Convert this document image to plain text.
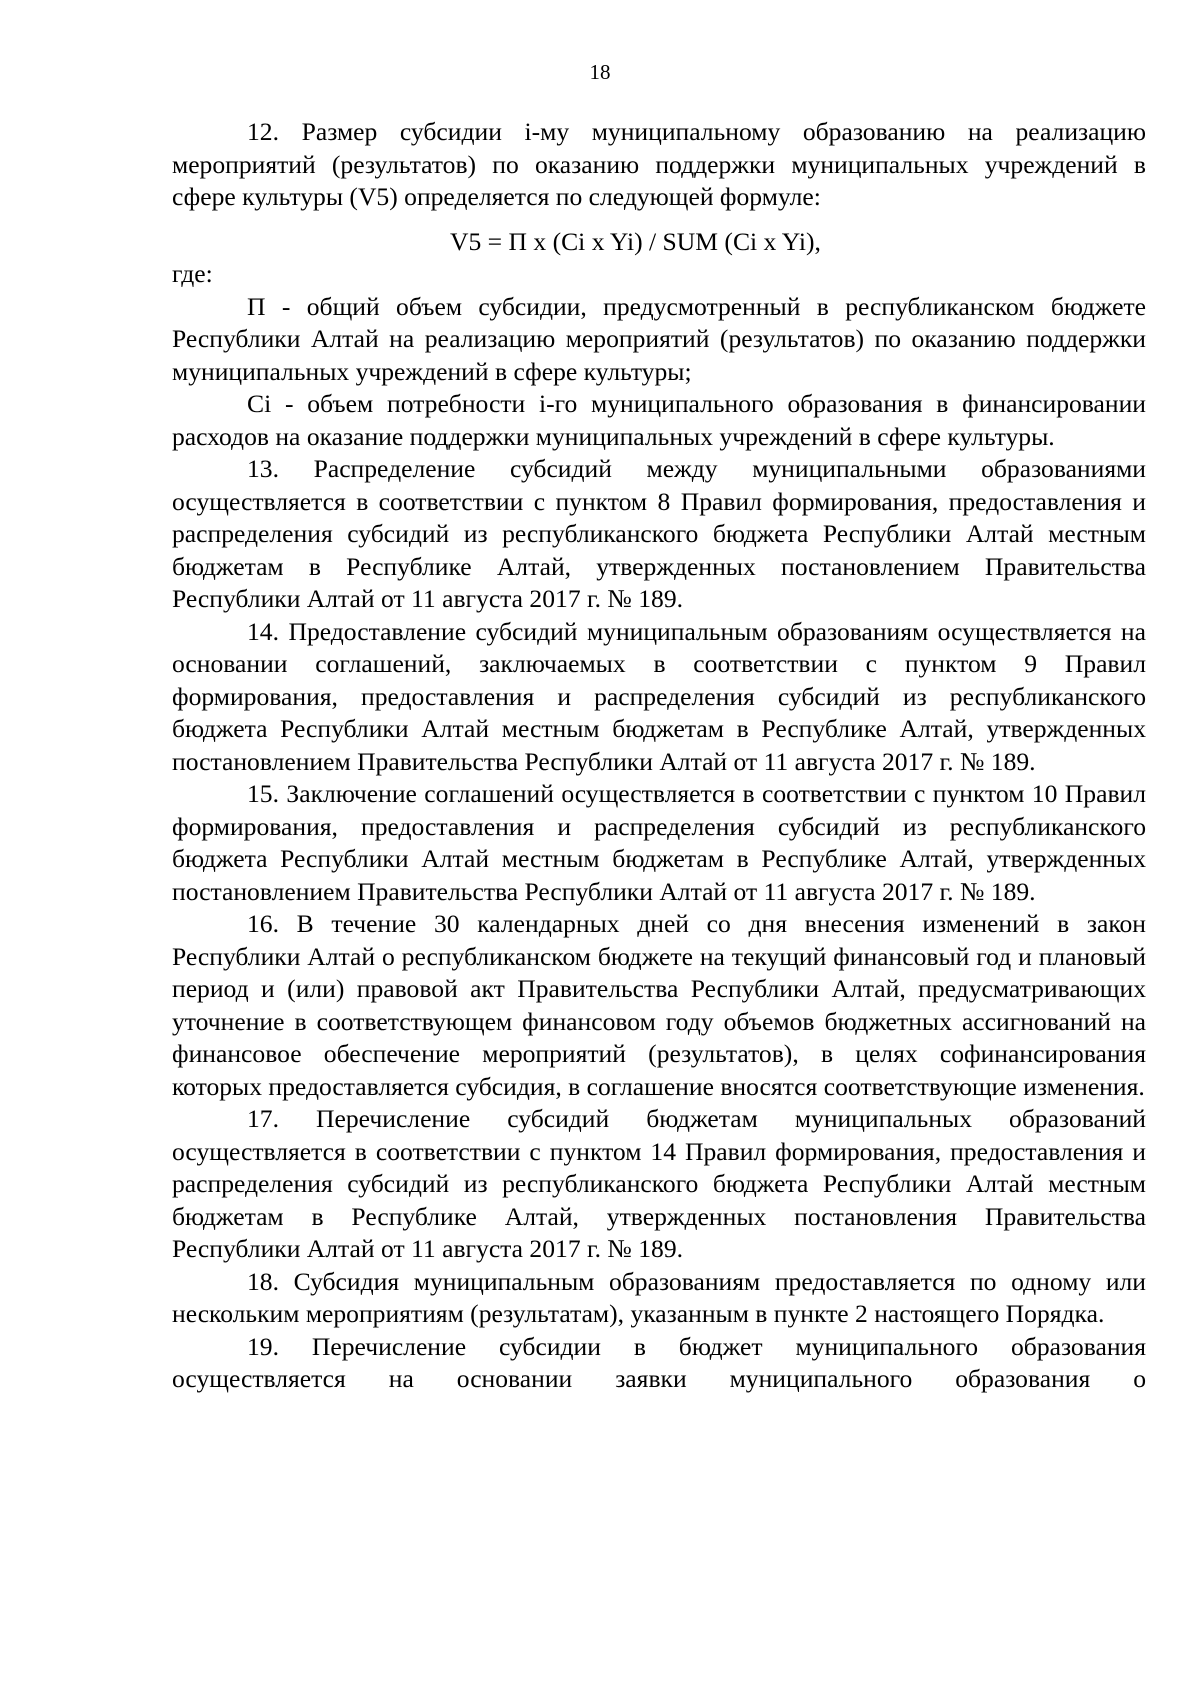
18

12. Размер субсидии i-му муниципальному образованию на реализацию мероприятий (результатов) по оказанию поддержки муниципальных учреждений в сфере культуры (V5) определяется по следующей формуле:

V5 = П x (Ci x Yi) / SUM (Ci x Yi),

где:

П - общий объем субсидии, предусмотренный в республиканском бюджете Республики Алтай на реализацию мероприятий (результатов) по оказанию поддержки муниципальных учреждений в сфере культуры;

Ci - объем потребности i-го муниципального образования в финансировании расходов на оказание поддержки муниципальных учреждений в сфере культуры.

13. Распределение субсидий между муниципальными образованиями осуществляется в соответствии с пунктом 8 Правил формирования, предоставления и распределения субсидий из республиканского бюджета Республики Алтай местным бюджетам в Республике Алтай, утвержденных постановлением Правительства Республики Алтай от 11 августа 2017 г. № 189.

14. Предоставление субсидий муниципальным образованиям осуществляется на основании соглашений, заключаемых в соответствии с пунктом 9 Правил формирования, предоставления и распределения субсидий из республиканского бюджета Республики Алтай местным бюджетам в Республике Алтай, утвержденных постановлением Правительства Республики Алтай от 11 августа 2017 г. № 189.

15. Заключение соглашений осуществляется в соответствии с пунктом 10 Правил формирования, предоставления и распределения субсидий из республиканского бюджета Республики Алтай местным бюджетам в Республике Алтай, утвержденных постановлением Правительства Республики Алтай от 11 августа 2017 г. № 189.

16. В течение 30 календарных дней со дня внесения изменений в закон Республики Алтай о республиканском бюджете на текущий финансовый год и плановый период и (или) правовой акт Правительства Республики Алтай, предусматривающих уточнение в соответствующем финансовом году объемов бюджетных ассигнований на финансовое обеспечение мероприятий (результатов), в целях софинансирования которых предоставляется субсидия, в соглашение вносятся соответствующие изменения.

17. Перечисление субсидий бюджетам муниципальных образований осуществляется в соответствии с пунктом 14 Правил формирования, предоставления и распределения субсидий из республиканского бюджета Республики Алтай местным бюджетам в Республике Алтай, утвержденных постановления Правительства Республики Алтай от 11 августа 2017 г. № 189.

18. Субсидия муниципальным образованиям предоставляется по одному или нескольким мероприятиям (результатам), указанным в пункте 2 настоящего Порядка.

19. Перечисление субсидии в бюджет муниципального образования осуществляется на основании заявки муниципального образования о
